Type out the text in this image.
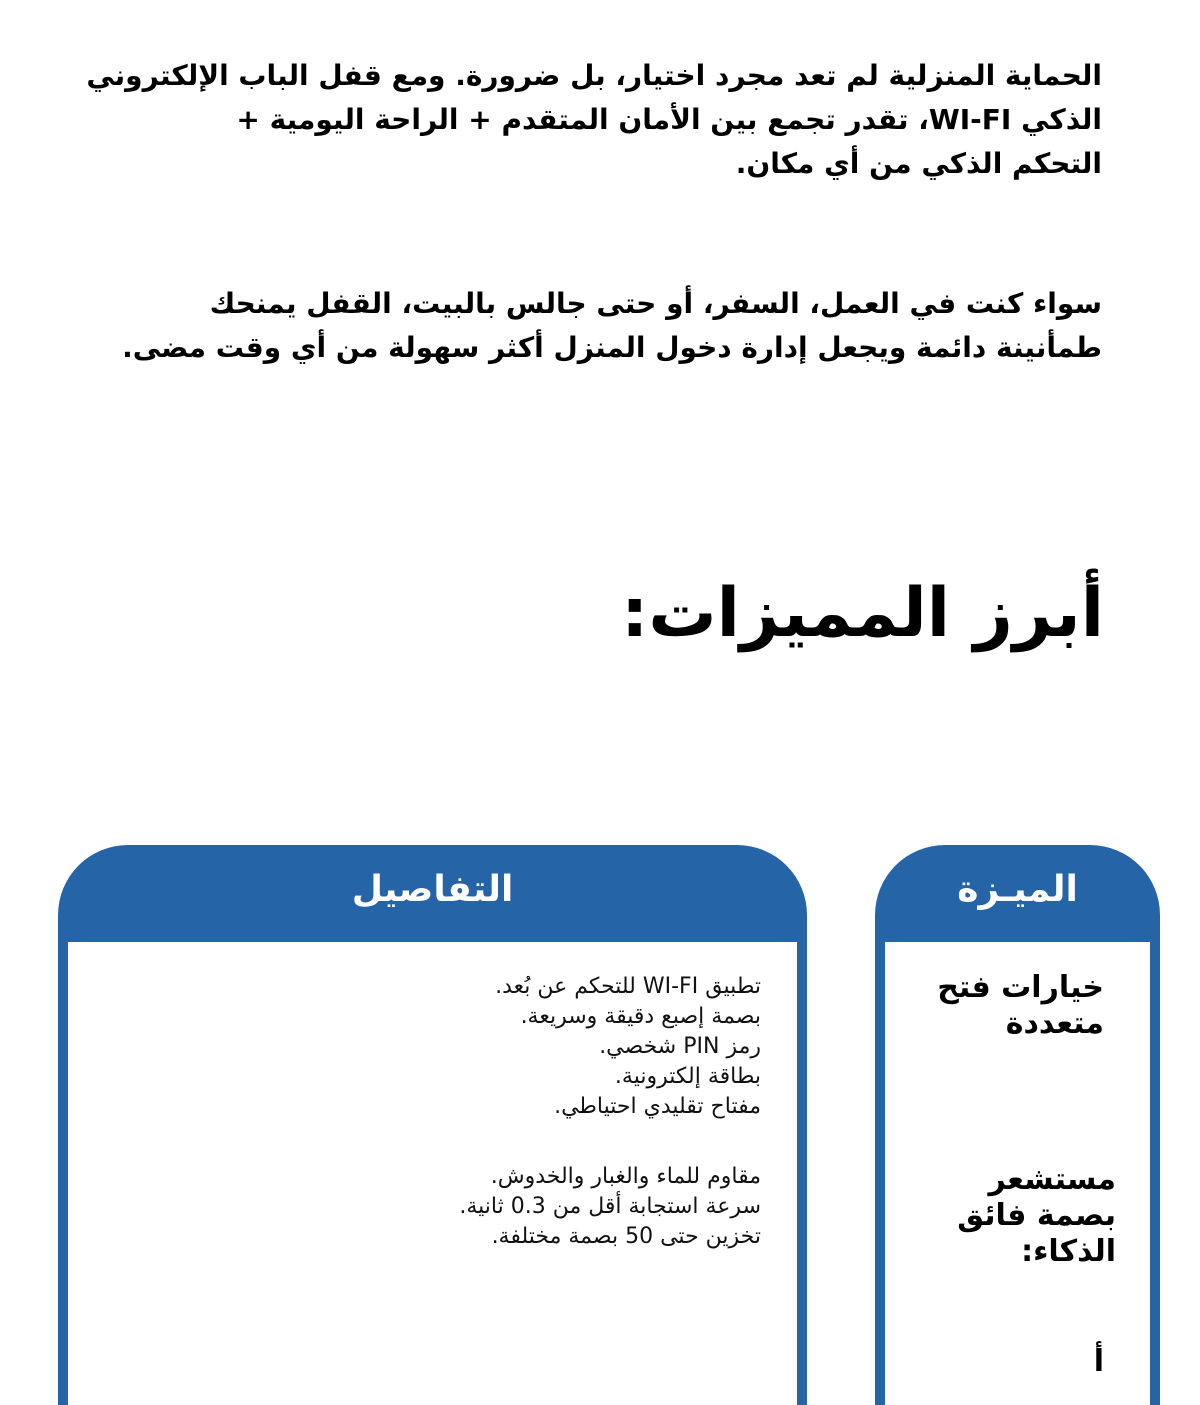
الحماية المنزلية لم تعد مجرد اختيار، بل ضرورة. ومع قفل الباب الإلكتروني
الذكي WI-FI، تقدر تجمع بين الأمان المتقدم + الراحة اليومية +
التحكم الذكي من أي مكان.

سواء كنت في العمل، السفر، أو حتى جالس بالبيت، القفل يمنحك
طمأنينة دائمة ويجعل إدارة دخول المنزل أكثر سهولة من أي وقت مضى.

أبرز المميزات:
التفاصيل
تطبيق WI-FI للتحكم عن بُعد.
بصمة إصبع دقيقة وسريعة.
رمز PIN شخصي.
بطاقة إلكترونية.
مفتاح تقليدي احتياطي.
مقاوم للماء والغبار والخدوش.
سرعة استجابة أقل من 0.3 ثانية.
تخزين حتى 50 بصمة مختلفة.
الميـزة

خيارات فتح متعددة

مستشعر بصمة فائق الذكاء:

أ
